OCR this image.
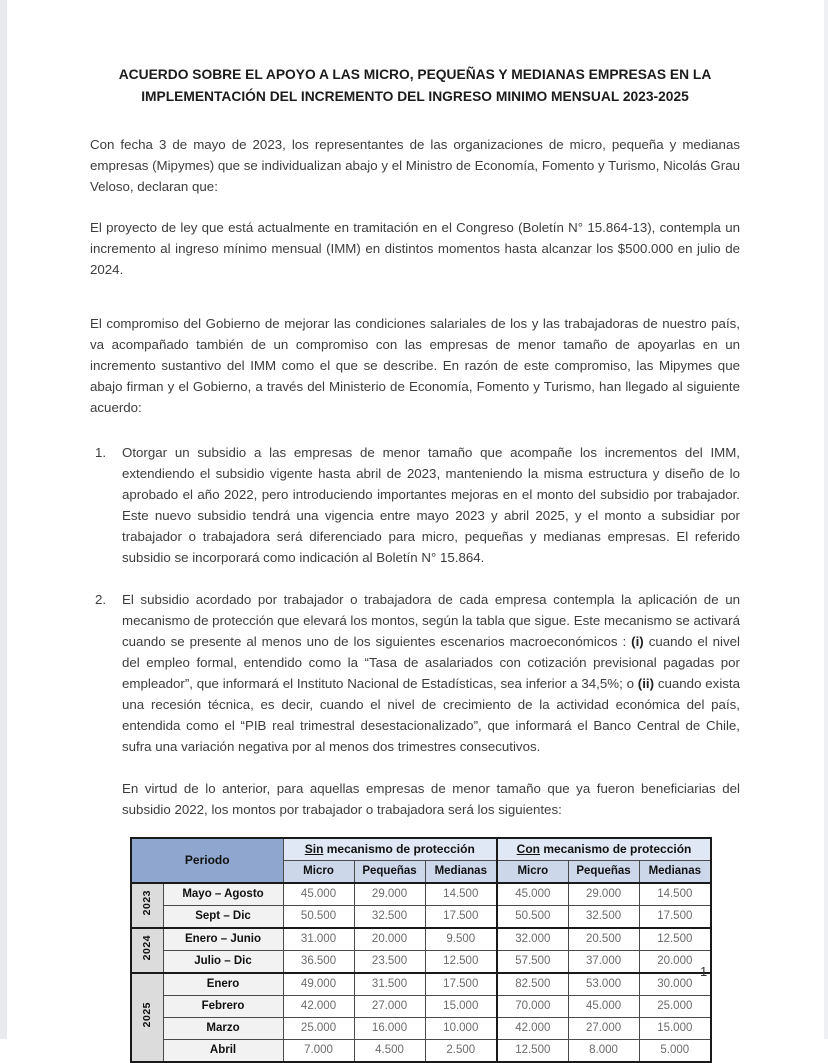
ACUERDO SOBRE EL APOYO A LAS MICRO, PEQUEÑAS Y MEDIANAS EMPRESAS EN LA
IMPLEMENTACIÓN DEL INCREMENTO DEL INGRESO MINIMO MENSUAL 2023-2025

Con fecha 3 de mayo de 2023, los representantes de las organizaciones de micro, pequeña y medianas empresas (Mipymes) que se individualizan abajo y el Ministro de Economía, Fomento y Turismo, Nicolás Grau Veloso, declaran que:

El proyecto de ley que está actualmente en tramitación en el Congreso (Boletín N° 15.864-13), contempla un incremento al ingreso mínimo mensual (IMM) en distintos momentos hasta alcanzar los $500.000 en julio de 2024.

El compromiso del Gobierno de mejorar las condiciones salariales de los y las trabajadoras de nuestro país, va acompañado también de un compromiso con las empresas de menor tamaño de apoyarlas en un incremento sustantivo del IMM como el que se describe. En razón de este compromiso, las Mipymes que abajo firman y el Gobierno, a través del Ministerio de Economía, Fomento y Turismo, han llegado al siguiente acuerdo:

1.	Otorgar un subsidio a las empresas de menor tamaño que acompañe los incrementos del IMM, extendiendo el subsidio vigente hasta abril de 2023, manteniendo la misma estructura y diseño de lo aprobado el año 2022, pero introduciendo importantes mejoras en el monto del subsidio por trabajador. Este nuevo subsidio tendrá una vigencia entre mayo 2023 y abril 2025, y el monto a subsidiar por trabajador o trabajadora será diferenciado para micro, pequeñas y medianas empresas. El referido subsidio se incorporará como indicación al Boletín N° 15.864.
2.	El subsidio acordado por trabajador o trabajadora de cada empresa contempla la aplicación de un mecanismo de protección que elevará los montos, según la tabla que sigue. Este mecanismo se activará cuando se presente al menos uno de los siguientes escenarios macroeconómicos : (i) cuando el nivel del empleo formal, entendido como la “Tasa de asalariados con cotización previsional pagadas por empleador”, que informará el Instituto Nacional de Estadísticas, sea inferior a 34,5%; o (ii) cuando exista una recesión técnica, es decir, cuando el nivel de crecimiento de la actividad económica del país, entendida como el “PIB real trimestral desestacionalizado”, que informará el Banco Central de Chile, sufra una variación negativa por al menos dos trimestres consecutivos.

En virtud de lo anterior, para aquellas empresas de menor tamaño que ya fueron beneficiarias del subsidio 2022, los montos por trabajador o trabajadora será los siguientes:

Periodo		Sin mecanismo de protección			Con mecanismo de protección		
		Micro	Pequeñas	Medianas	Micro	Pequeñas	Medianas
2023	Mayo – Agosto	45.000	29.000	14.500	45.000	29.000	14.500
	Sept – Dic	50.500	32.500	17.500	50.500	32.500	17.500
2024	Enero – Junio	31.000	20.000	9.500	32.000	20.500	12.500
	Julio – Dic	36.500	23.500	12.500	57.500	37.000	20.000
2025	Enero	49.000	31.500	17.500	82.500	53.000	30.000
	Febrero	42.000	27.000	15.000	70.000	45.000	25.000
	Marzo	25.000	16.000	10.000	42.000	27.000	15.000
	Abril	7.000	4.500	2.500	12.500	8.000	5.000
1
